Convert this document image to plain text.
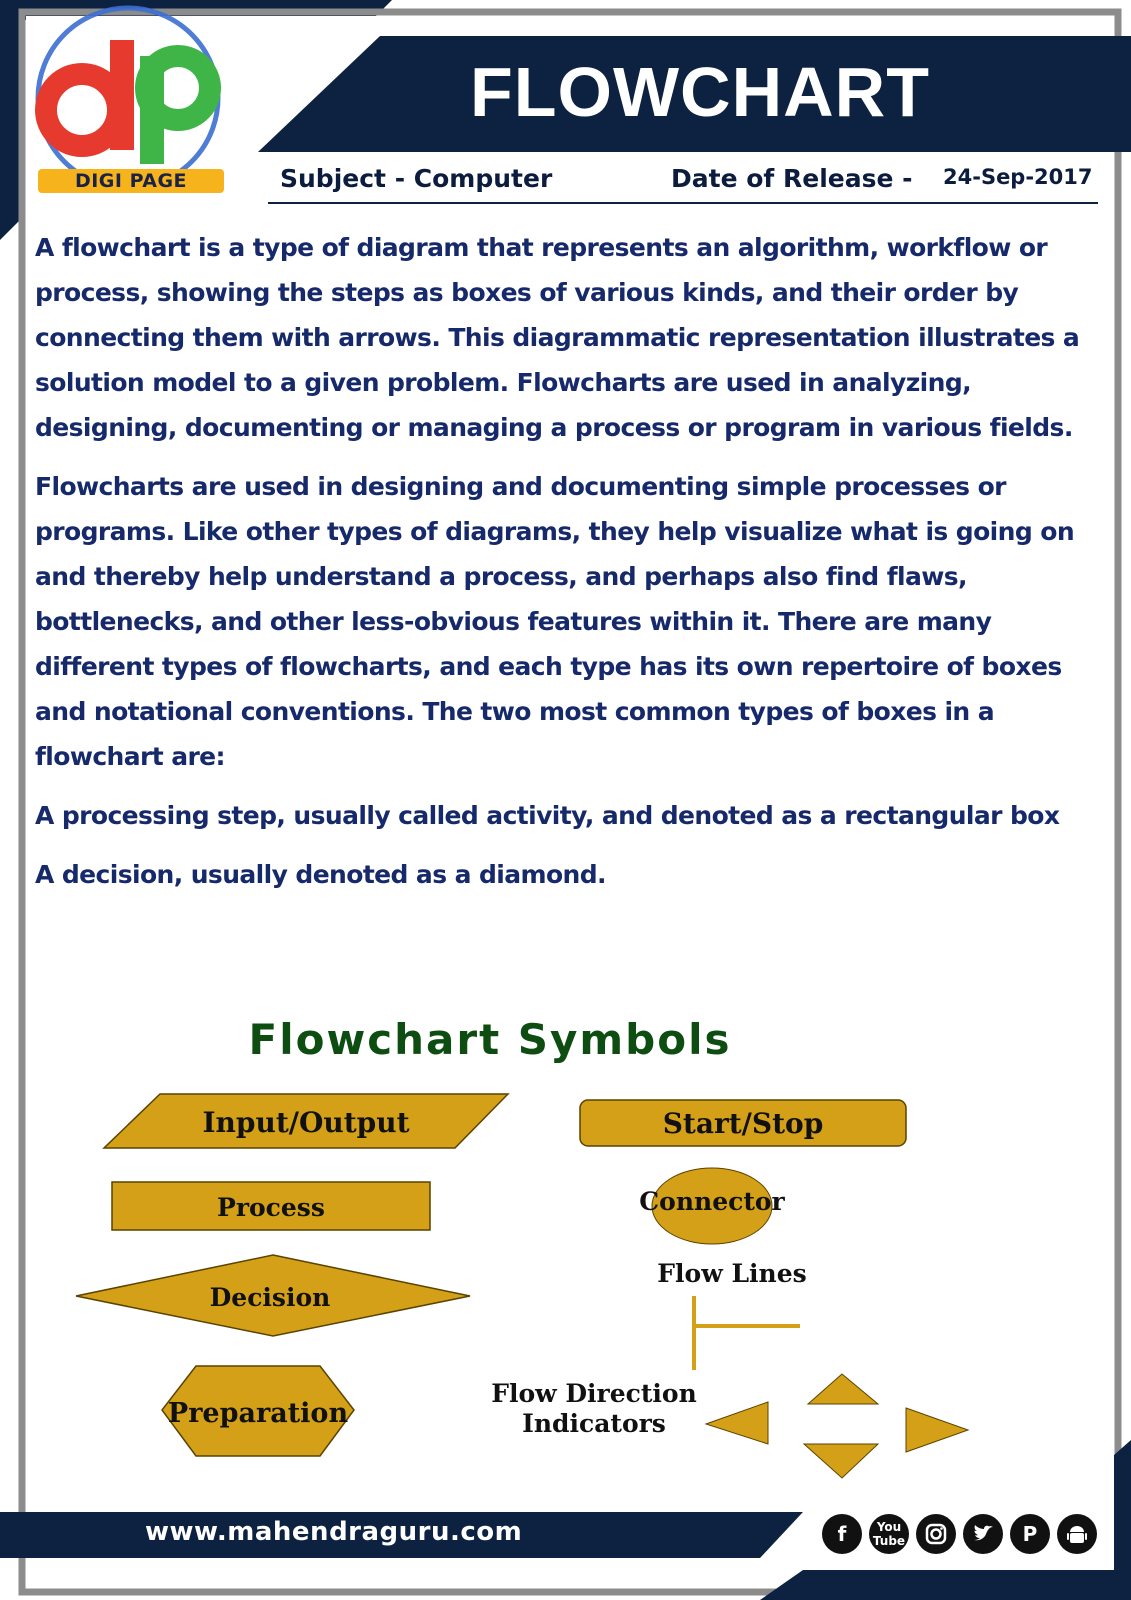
Flowchart Symbols
Input/Output	Start/Stop
Process	Connector
Decision
Flow Lines
Preparation
Flow Direction
Indicators
FLOWCHART
DIGI PAGE	Subject - Computer	Date of Release - 24-Sep-2017

A flowchart is a type of diagram that represents an algorithm, workflow or process, showing the steps as boxes of various kinds, and their order by connecting them with arrows. This diagrammatic representation illustrates a solution model to a given problem. Flowcharts are used in analyzing, designing, documenting or managing a process or program in various fields.

Flowcharts are used in designing and documenting simple processes or programs. Like other types of diagrams, they help visualize what is going on and thereby help understand a process, and perhaps also find flaws, bottlenecks, and other less-obvious features within it. There are many different types of flowcharts, and each type has its own repertoire of boxes and notational conventions. The two most common types of boxes in a flowchart are:

A processing step, usually called activity, and denoted as a rectangular box

A decision, usually denoted as a diamond.

www.mahendraguru.com	f	You
Tube	P
